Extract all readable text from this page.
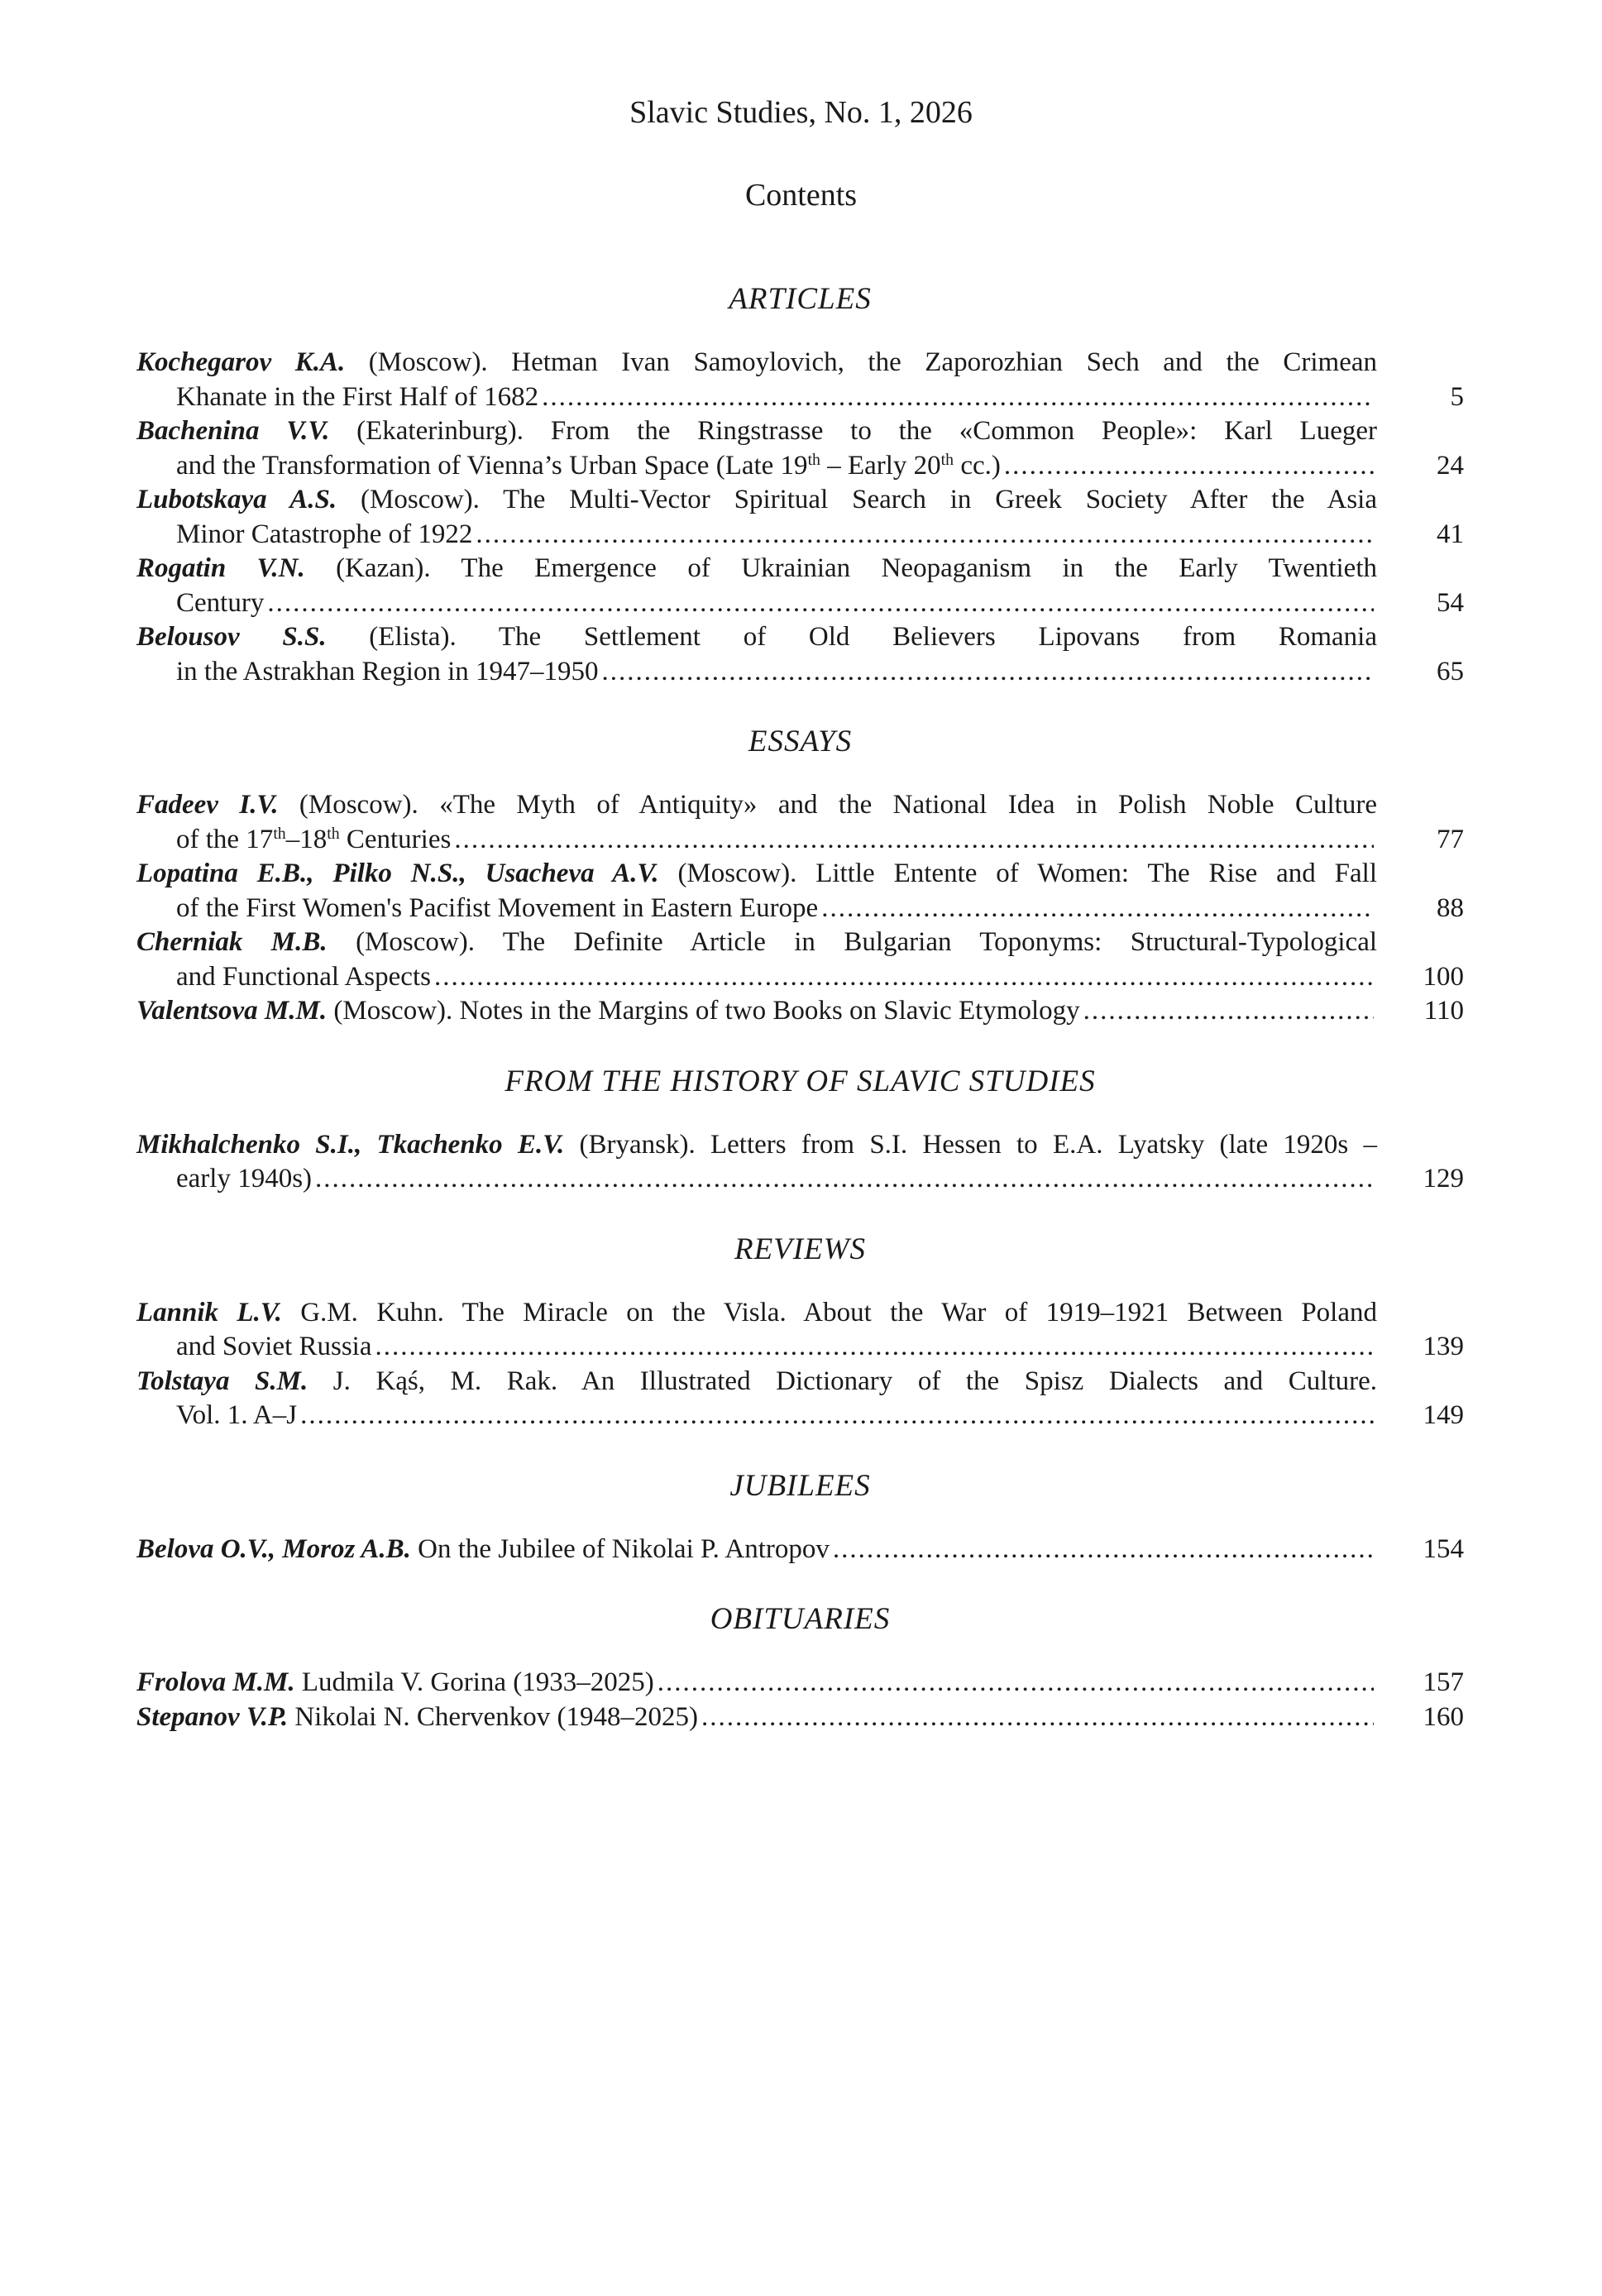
Slavic Studies, No. 1, 2026
Contents
ARTICLES
Kochegarov K.A. (Moscow). Hetman Ivan Samoylovich, the Zaporozhian Sech and the Crimean
Khanate in the First Half of 1682 .....	5
Bachenina V.V. (Ekaterinburg). From the Ringstrasse to the «Common People»: Karl Lueger
and the Transformation of Vienna’s Urban Space (Late 19th – Early 20th cc.) .....	24
Lubotskaya A.S. (Moscow). The Multi-Vector Spiritual Search in Greek Society After the Asia
Minor Catastrophe of 1922 .....	41
Rogatin V.N. (Kazan). The Emergence of Ukrainian Neopaganism in the Early Twentieth
Century .....	54
Belousov S.S. (Elista). The Settlement of Old Believers Lipovans from Romania
in the Astrakhan Region in 1947–1950 .....	65
ESSAYS
Fadeev I.V. (Moscow). «The Myth of Antiquity» and the National Idea in Polish Noble Culture
of the 17th–18th Centuries .....	77
Lopatina E.B., Pilko N.S., Usacheva A.V. (Moscow). Little Entente of Women: The Rise and Fall
of the First Women's Pacifist Movement in Eastern Europe .....	88
Cherniak M.B. (Moscow). The Definite Article in Bulgarian Toponyms: Structural-Typological
and Functional Aspects .....	100
Valentsova M.M. (Moscow). Notes in the Margins of two Books on Slavic Etymology .....	110
FROM THE HISTORY OF SLAVIC STUDIES
Mikhalchenko S.I., Tkachenko E.V. (Bryansk). Letters from S.I. Hessen to E.A. Lyatsky (late 1920s –
early 1940s) .....	129
REVIEWS
Lannik L.V. G.M. Kuhn. The Miracle on the Visla. About the War of 1919–1921 Between Poland
and Soviet Russia .....	139
Tolstaya S.M. J. Kąś, M. Rak. An Illustrated Dictionary of the Spisz Dialects and Culture.
Vol. 1. A–J .....	149
JUBILEES
Belova O.V., Moroz A.B. On the Jubilee of Nikolai P. Antropov .....	154
OBITUARIES
Frolova M.M. Ludmila V. Gorina (1933–2025) .....	157
Stepanov V.P. Nikolai N. Chervenkov (1948–2025) .....	160
